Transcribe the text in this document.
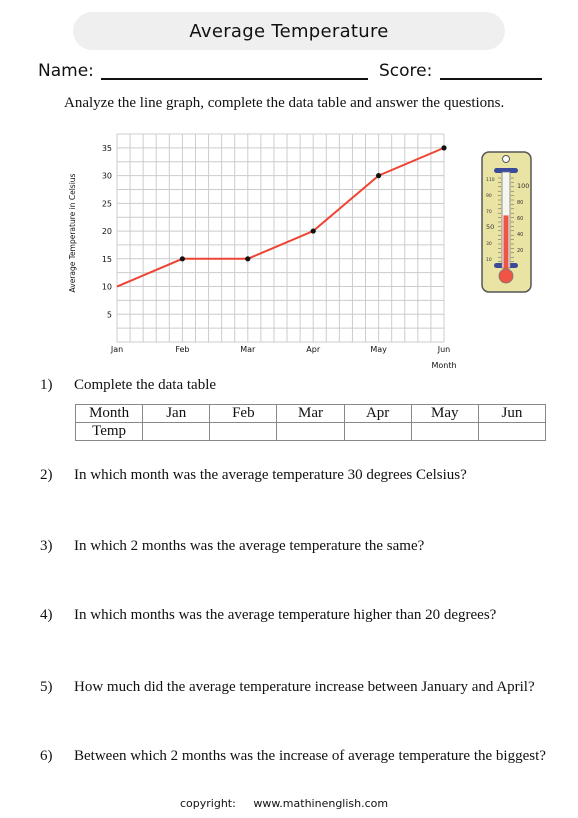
Average Temperature
Name:	Score:
Analyze the line graph, complete the data table and answer the questions.
5
10
15
20
25
30
35
Jan	Feb	Mar	Apr	May	Jun
Average Temperature in Celsius
Month
110
90
70
50
30
10
100
80
60
40
20
1) Complete the data table
2) In which month was the average temperature 30 degrees Celsius?
3) In which 2 months was the average temperature the same?
4) In which months was the average temperature higher than 20 degrees?
5) How much did the average temperature increase between January and April?
6) Between which 2 months was the increase of average temperature the biggest?
Month	Jan	Feb	Mar	Apr	May	Jun
Temp						
copyright: www.mathinenglish.com
